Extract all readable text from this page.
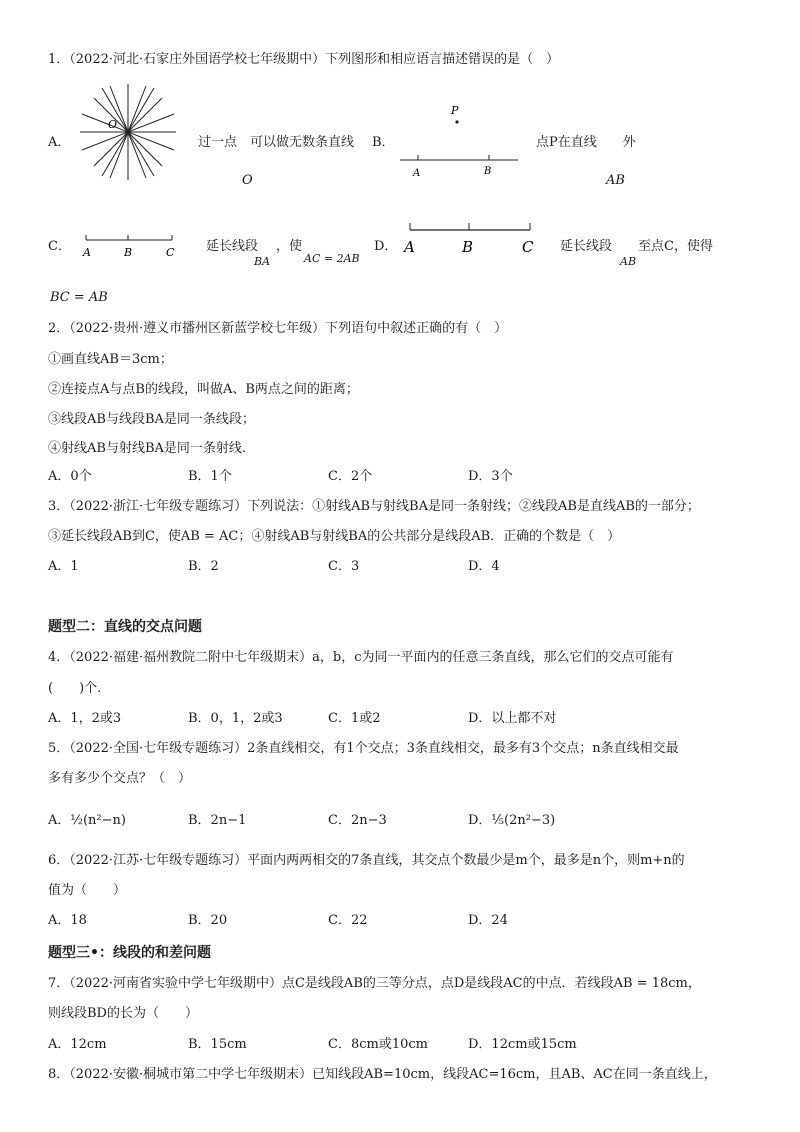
1．（2022·河北·石家庄外国语学校七年级期中）下列图形和相应语言描述错误的是（　）
A．
O
过一点　可以做无数条直线
O
B．
P
A	B
点P在直线　　外
AB
C． A	B	C 延长线段
BA
，使
AC = 2AB
D． A	B	C 延长线段　　至点C，使得
AB
BC = AB
2．（2022·贵州·遵义市播州区新蓝学校七年级）下列语句中叙述正确的有（　）
①画直线AB＝3cm；
②连接点A与点B的线段，叫做A、B两点之间的距离；
③线段AB与线段BA是同一条线段；
④射线AB与射线BA是同一条射线.
A．0个	B．1个	C．2个	D．3个
3．（2022·浙江·七年级专题练习）下列说法：①射线AB与射线BA是同一条射线；②线段AB是直线AB的一部分；
③延长线段AB到C，使AB = AC；④射线AB与射线BA的公共部分是线段AB．正确的个数是（　）
A．1	B．2	C．3	D．4
题型二：直线的交点问题
4．（2022·福建·福州教院二附中七年级期末）a，b，c为同一平面内的任意三条直线，那么它们的交点可能有
(　　)个.
A．1，2或3	B．0，1，2或3	C．1或2	D．以上都不对
5．（2022·全国·七年级专题练习）2条直线相交，有1个交点；3条直线相交，最多有3个交点；n条直线相交最
多有多少个交点？（　）
A．½(n²−n)	B．2n−1	C．2n−3	D．⅕(2n²−3)
6．（2022·江苏·七年级专题练习）平面内两两相交的7条直线，其交点个数最少是m个，最多是n个，则m+n的
值为（　　）
A．18	B．20	C．22	D．24
题型三•：线段的和差问题
7．（2022·河南省实验中学七年级期中）点C是线段AB的三等分点，点D是线段AC的中点．若线段AB = 18cm，
则线段BD的长为（　　）
A．12cm	B．15cm	C．8cm或10cm	D．12cm或15cm
8．（2022·安徽·桐城市第二中学七年级期末）已知线段AB=10cm，线段AC=16cm，且AB、AC在同一条直线上，
